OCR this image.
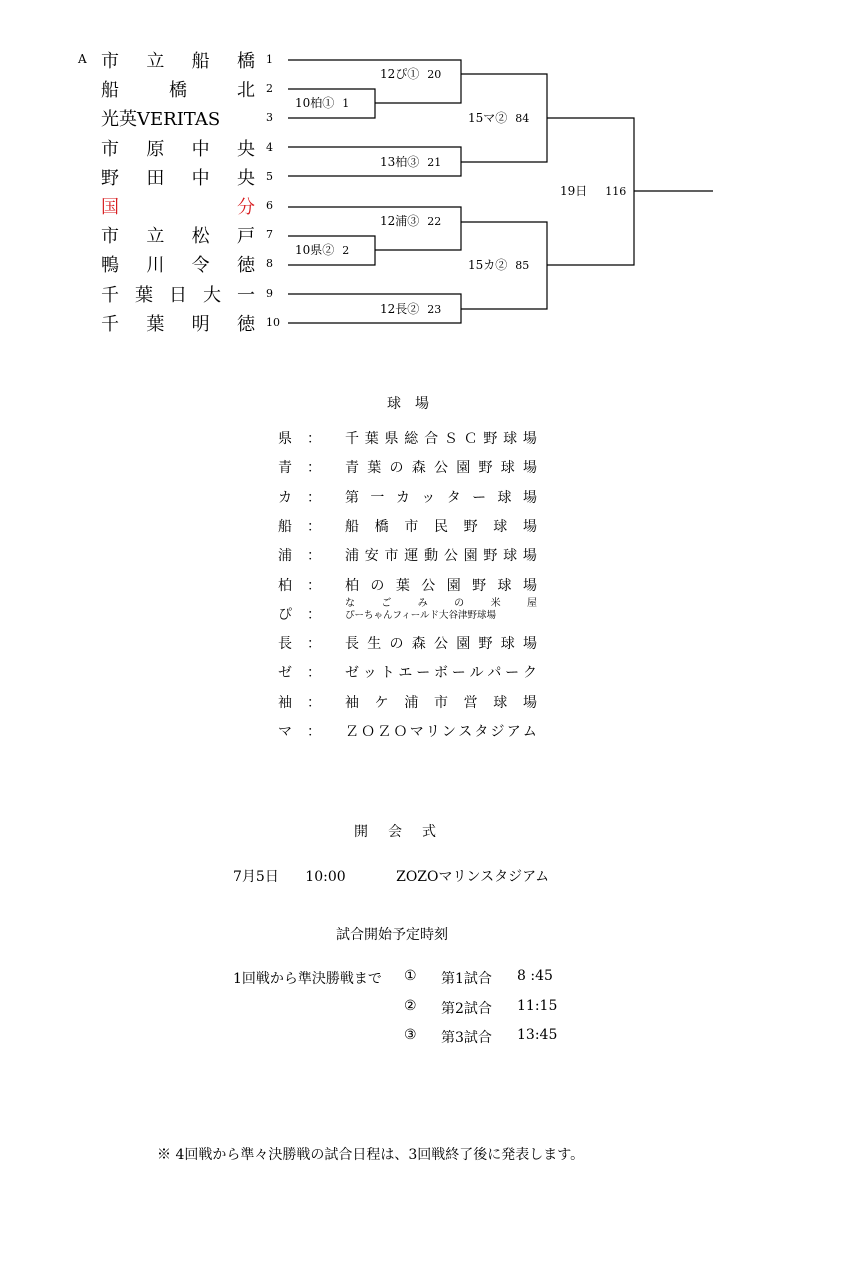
A 市 立 船 橋
船	橋	北
光英VERITAS
市 原 中 央
野 田 中 央
国	分
市 立 松 戸
鴨 川 令 徳
千 葉 日 大 一
千 葉 明 徳
1
2
3
4
5
6
7
8
9
10
12ぴ① 20
10柏① 1
15マ② 84
13柏③ 21
19日 116
12浦③ 22
10県② 2
15カ② 85
12長② 23
球場
県 ： 千 葉 県 総 合 Ｓ Ｃ 野 球 場
青 ： 青 葉 の 森 公 園 野 球 場
カ ： 第 一 カ ッ タ ー 球 場
船 ： 船 橋 市 民 野 球 場
浦 ： 浦 安 市 運 動 公 園 野 球 場
柏 ： 柏 の 葉 公 園 野 球 場
ぴ ：
な	ご	み	の	米	屋
ぴーちゃんフィールド大谷津野球場
長 ： 長 生 の 森 公 園 野 球 場
ゼ ： ゼ ッ ト エ ー ボ ー ル パ ー ク
袖 ： 袖 ケ 浦 市 営 球 場
マ ： Ｚ Ｏ Ｚ Ｏ マ リ ン ス タ ジ ア ム
開会式
7月5日 10:00	ZOZOマリンスタジアム
試合開始予定時刻
1回戦から準決勝戦まで ① 第1試合 8 :45
② 第2試合 11:15
③ 第3試合 13:45
※ 4回戦から準々決勝戦の試合日程は、3回戦終了後に発表します。
